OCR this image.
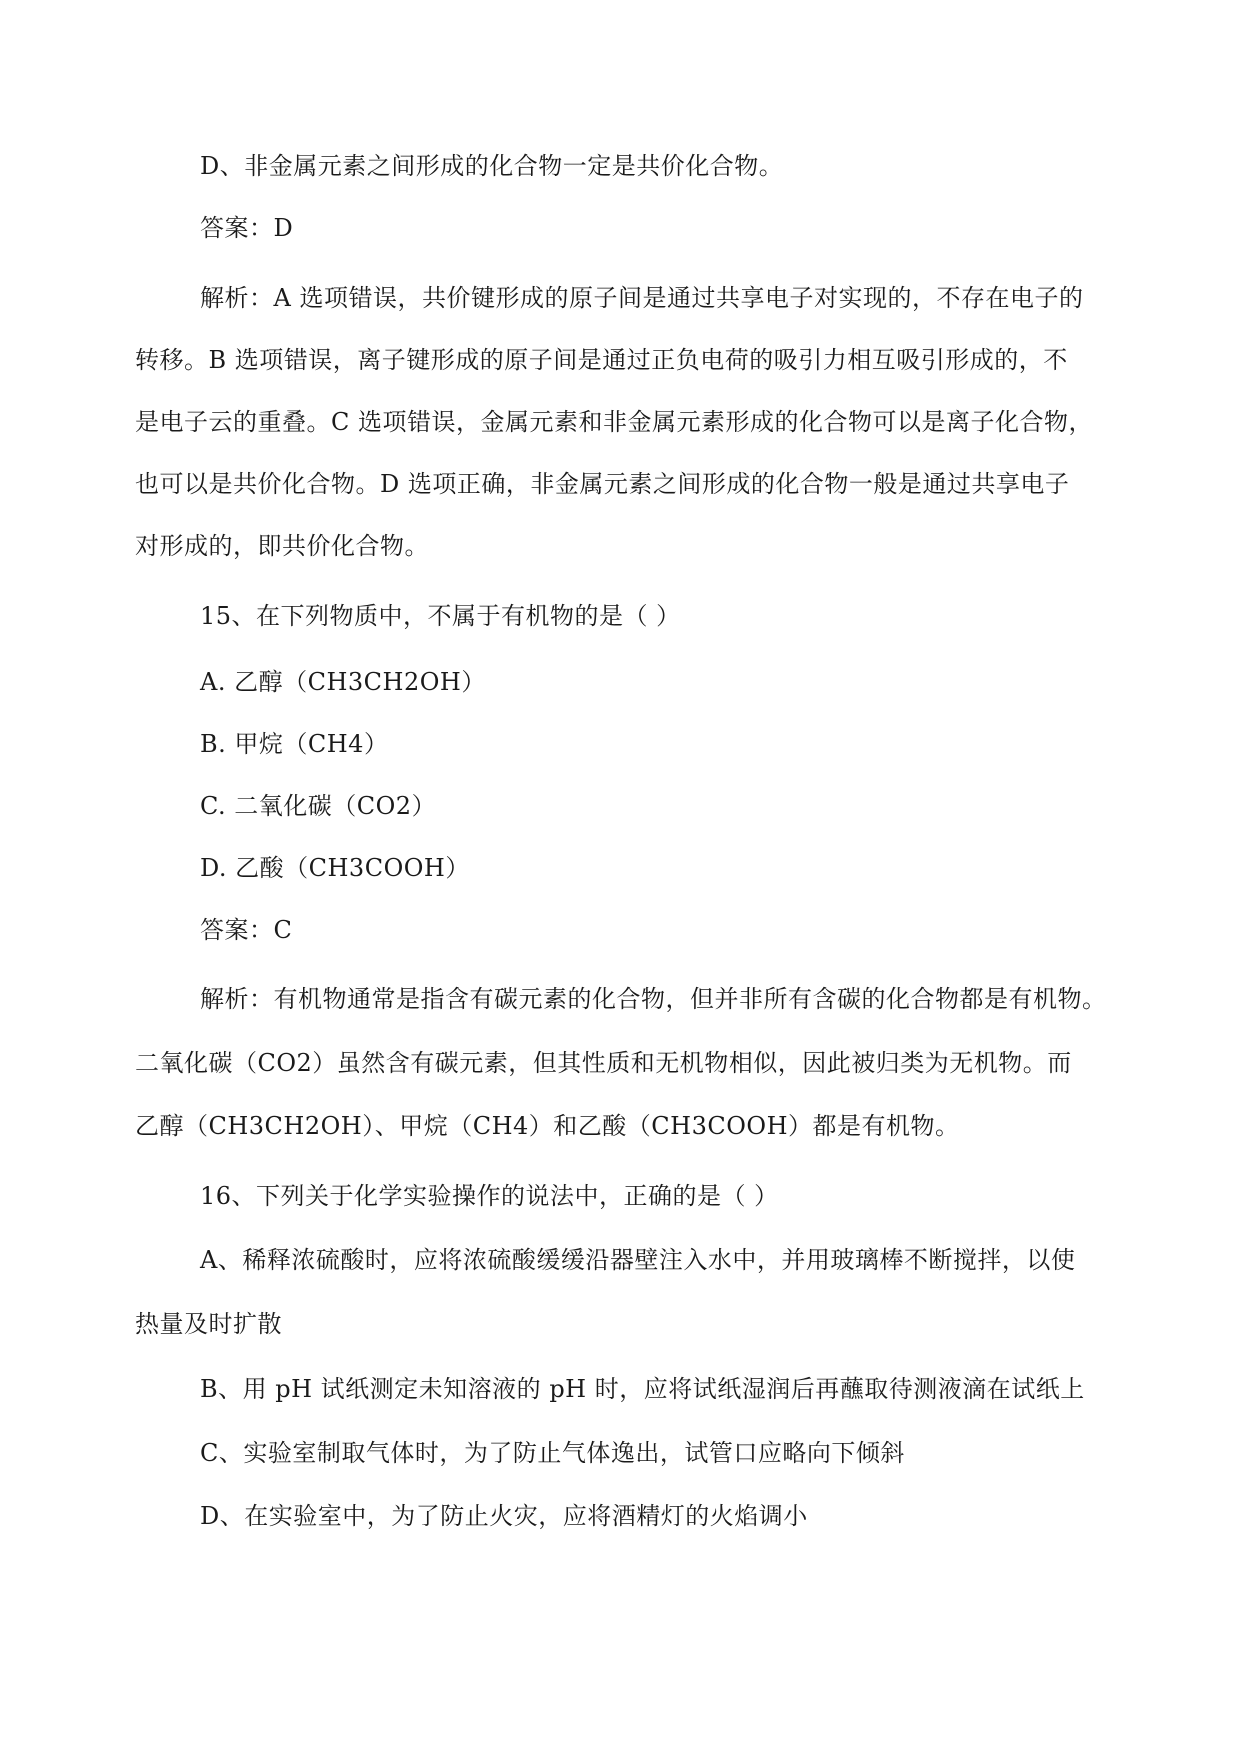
D、非金属元素之间形成的化合物一定是共价化合物。
答案：D
解析：A 选项错误，共价键形成的原子间是通过共享电子对实现的，不存在电子的
转移。B 选项错误，离子键形成的原子间是通过正负电荷的吸引力相互吸引形成的，不
是电子云的重叠。C 选项错误，金属元素和非金属元素形成的化合物可以是离子化合物，
也可以是共价化合物。D 选项正确，非金属元素之间形成的化合物一般是通过共享电子
对形成的，即共价化合物。
15、在下列物质中，不属于有机物的是（ ）
A. 乙醇（CH3CH2OH）
B. 甲烷（CH4）
C. 二氧化碳（CO2）
D. 乙酸（CH3COOH）
答案：C
解析：有机物通常是指含有碳元素的化合物，但并非所有含碳的化合物都是有机物。
二氧化碳（CO2）虽然含有碳元素，但其性质和无机物相似，因此被归类为无机物。而
乙醇（CH3CH2OH）、甲烷（CH4）和乙酸（CH3COOH）都是有机物。
16、下列关于化学实验操作的说法中，正确的是（ ）
A、稀释浓硫酸时，应将浓硫酸缓缓沿器壁注入水中，并用玻璃棒不断搅拌，以使
热量及时扩散
B、用 pH 试纸测定未知溶液的 pH 时，应将试纸湿润后再蘸取待测液滴在试纸上
C、实验室制取气体时，为了防止气体逸出，试管口应略向下倾斜
D、在实验室中，为了防止火灾，应将酒精灯的火焰调小
